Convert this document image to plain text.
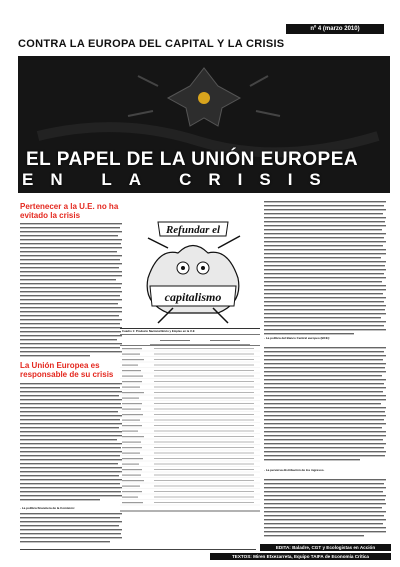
nº 4 (marzo 2010)
CONTRA LA EUROPA DEL CAPITAL Y LA CRISIS
EL PAPEL DE LA UNIÓN EUROPEA
EN LA CRISIS
Pertenecer a la U.E. no ha evitado la crisis
La Unión Europea es responsable de su crisis
- La política financiera de la Comisión:
Refundar el
capitalismo
Cuadro 1: Producto Nacional Bruto y Empleo en la U.E
- La política del Banco Central europeo (BCE):
- La perversa distribución de los ingresos.
EDITA: Baladre, CGT y Ecologistas en Acción
TEXTOS: Miren Etxezarreta, Equipo TAIFA de Economía Crítica
